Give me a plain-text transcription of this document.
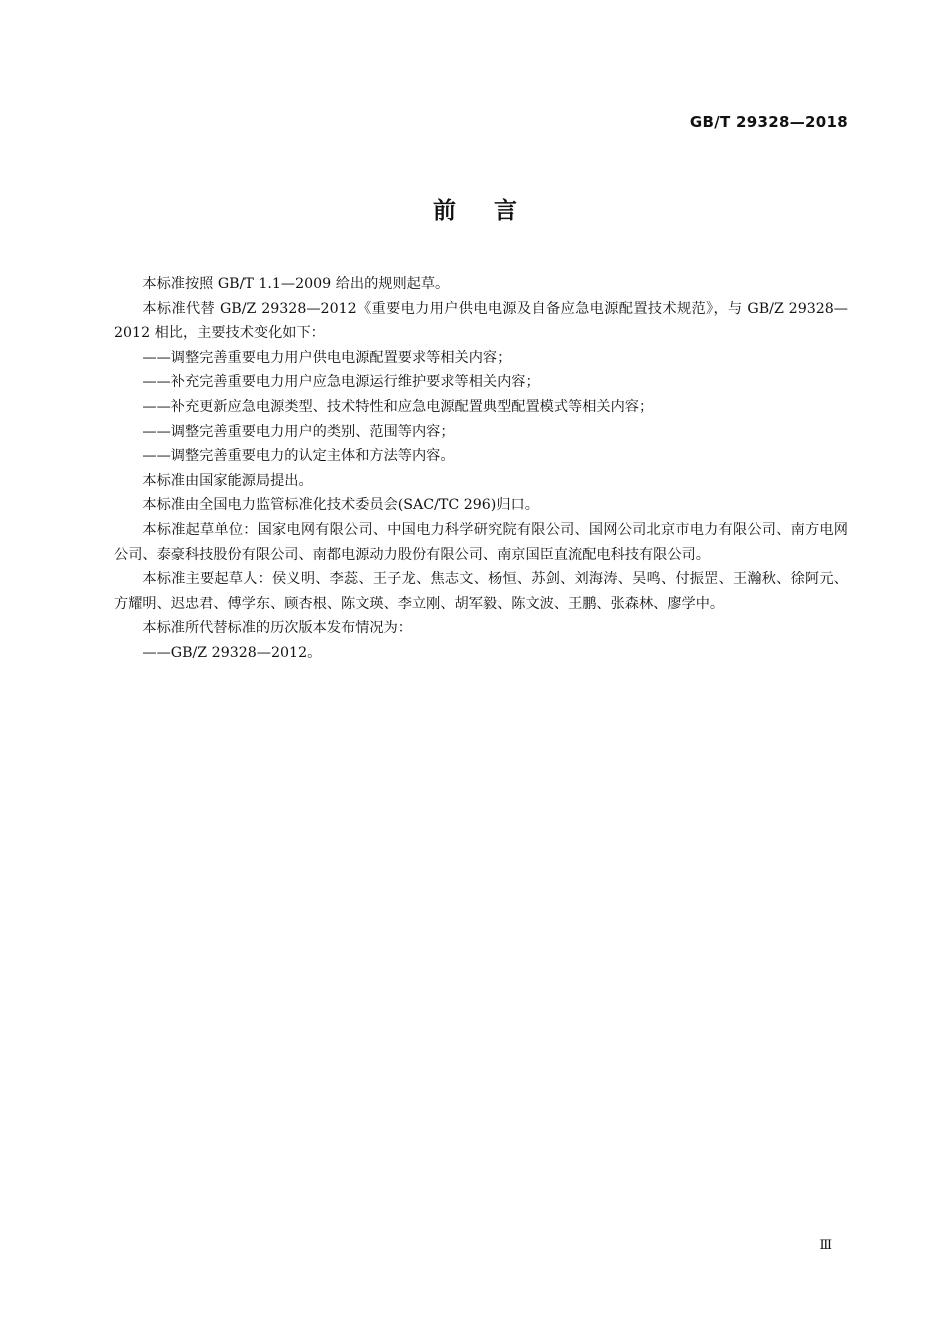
GB/T 29328—2018
前 言

本标准按照 GB/T 1.1—2009 给出的规则起草。

本标准代替 GB/Z 29328—2012《重要电力用户供电电源及自备应急电源配置技术规范》，与 GB/Z 29328—2012 相比，主要技术变化如下：

——调整完善重要电力用户供电电源配置要求等相关内容；

——补充完善重要电力用户应急电源运行维护要求等相关内容；

——补充更新应急电源类型、技术特性和应急电源配置典型配置模式等相关内容；

——调整完善重要电力用户的类别、范围等内容；

——调整完善重要电力的认定主体和方法等内容。

本标准由国家能源局提出。

本标准由全国电力监管标准化技术委员会(SAC/TC 296)归口。

本标准起草单位：国家电网有限公司、中国电力科学研究院有限公司、国网公司北京市电力有限公司、南方电网公司、泰豪科技股份有限公司、南都电源动力股份有限公司、南京国臣直流配电科技有限公司。

本标准主要起草人：侯义明、李蕊、王子龙、焦志文、杨恒、苏剑、刘海涛、吴鸣、付振罡、王瀚秋、徐阿元、方耀明、迟忠君、傅学东、顾杏根、陈文瑛、李立刚、胡军毅、陈文波、王鹏、张森林、廖学中。

本标准所代替标准的历次版本发布情况为：

——GB/Z 29328—2012。

Ⅲ
